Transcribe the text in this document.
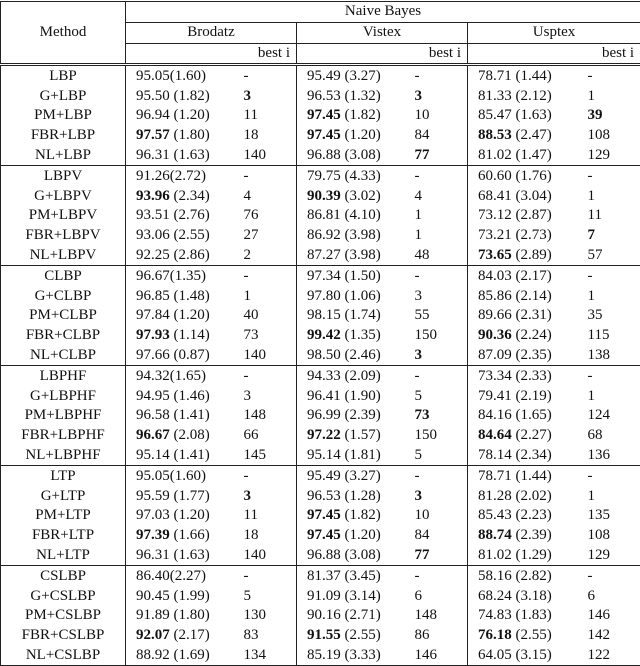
Method	Naive Bayes					
	Brodatz		Vistex		Usptex	
	best i		best i		best i	
LBP	95.05(1.60)	-	95.49 (3.27)	-	78.71 (1.44)	-
G+LBP	95.50 (1.82)	3	96.53 (1.32)	3	81.33 (2.12)	1
PM+LBP	96.94 (1.20)	11	97.45 (1.82)	10	85.47 (1.63)	39
FBR+LBP	97.57 (1.80)	18	97.45 (1.20)	84	88.53 (2.47)	108
NL+LBP	96.31 (1.63)	140	96.88 (3.08)	77	81.02 (1.47)	129
LBPV	91.26(2.72)	-	79.75 (4.33)	-	60.60 (1.76)	-
G+LBPV	93.96 (2.34)	4	90.39 (3.02)	4	68.41 (3.04)	1
PM+LBPV	93.51 (2.76)	76	86.81 (4.10)	1	73.12 (2.87)	11
FBR+LBPV	93.06 (2.55)	27	86.92 (3.98)	1	73.21 (2.73)	7
NL+LBPV	92.25 (2.86)	2	87.27 (3.98)	48	73.65 (2.89)	57
CLBP	96.67(1.35)	-	97.34 (1.50)	-	84.03 (2.17)	-
G+CLBP	96.85 (1.48)	1	97.80 (1.06)	3	85.86 (2.14)	1
PM+CLBP	97.84 (1.20)	40	98.15 (1.74)	55	89.66 (2.31)	35
FBR+CLBP	97.93 (1.14)	73	99.42 (1.35)	150	90.36 (2.24)	115
NL+CLBP	97.66 (0.87)	140	98.50 (2.46)	3	87.09 (2.35)	138
LBPHF	94.32(1.65)	-	94.33 (2.09)	-	73.34 (2.33)	-
G+LBPHF	94.95 (1.46)	3	96.41 (1.90)	5	79.41 (2.19)	1
PM+LBPHF	96.58 (1.41)	148	96.99 (2.39)	73	84.16 (1.65)	124
FBR+LBPHF	96.67 (2.08)	66	97.22 (1.57)	150	84.64 (2.27)	68
NL+LBPHF	95.14 (1.41)	145	95.14 (1.81)	5	78.14 (2.34)	136
LTP	95.05(1.60)	-	95.49 (3.27)	-	78.71 (1.44)	-
G+LTP	95.59 (1.77)	3	96.53 (1.28)	3	81.28 (2.02)	1
PM+LTP	97.03 (1.20)	11	97.45 (1.82)	10	85.43 (2.23)	135
FBR+LTP	97.39 (1.66)	18	97.45 (1.20)	84	88.74 (2.39)	108
NL+LTP	96.31 (1.63)	140	96.88 (3.08)	77	81.02 (1.29)	129
CSLBP	86.40(2.27)	-	81.37 (3.45)	-	58.16 (2.82)	-
G+CSLBP	90.45 (1.99)	5	91.09 (3.14)	6	68.24 (3.18)	6
PM+CSLBP	91.89 (1.80)	130	90.16 (2.71)	148	74.83 (1.83)	146
FBR+CSLBP	92.07 (2.17)	83	91.55 (2.55)	86	76.18 (2.55)	142
NL+CSLBP	88.92 (1.69)	134	85.19 (3.33)	146	64.05 (3.15)	122
